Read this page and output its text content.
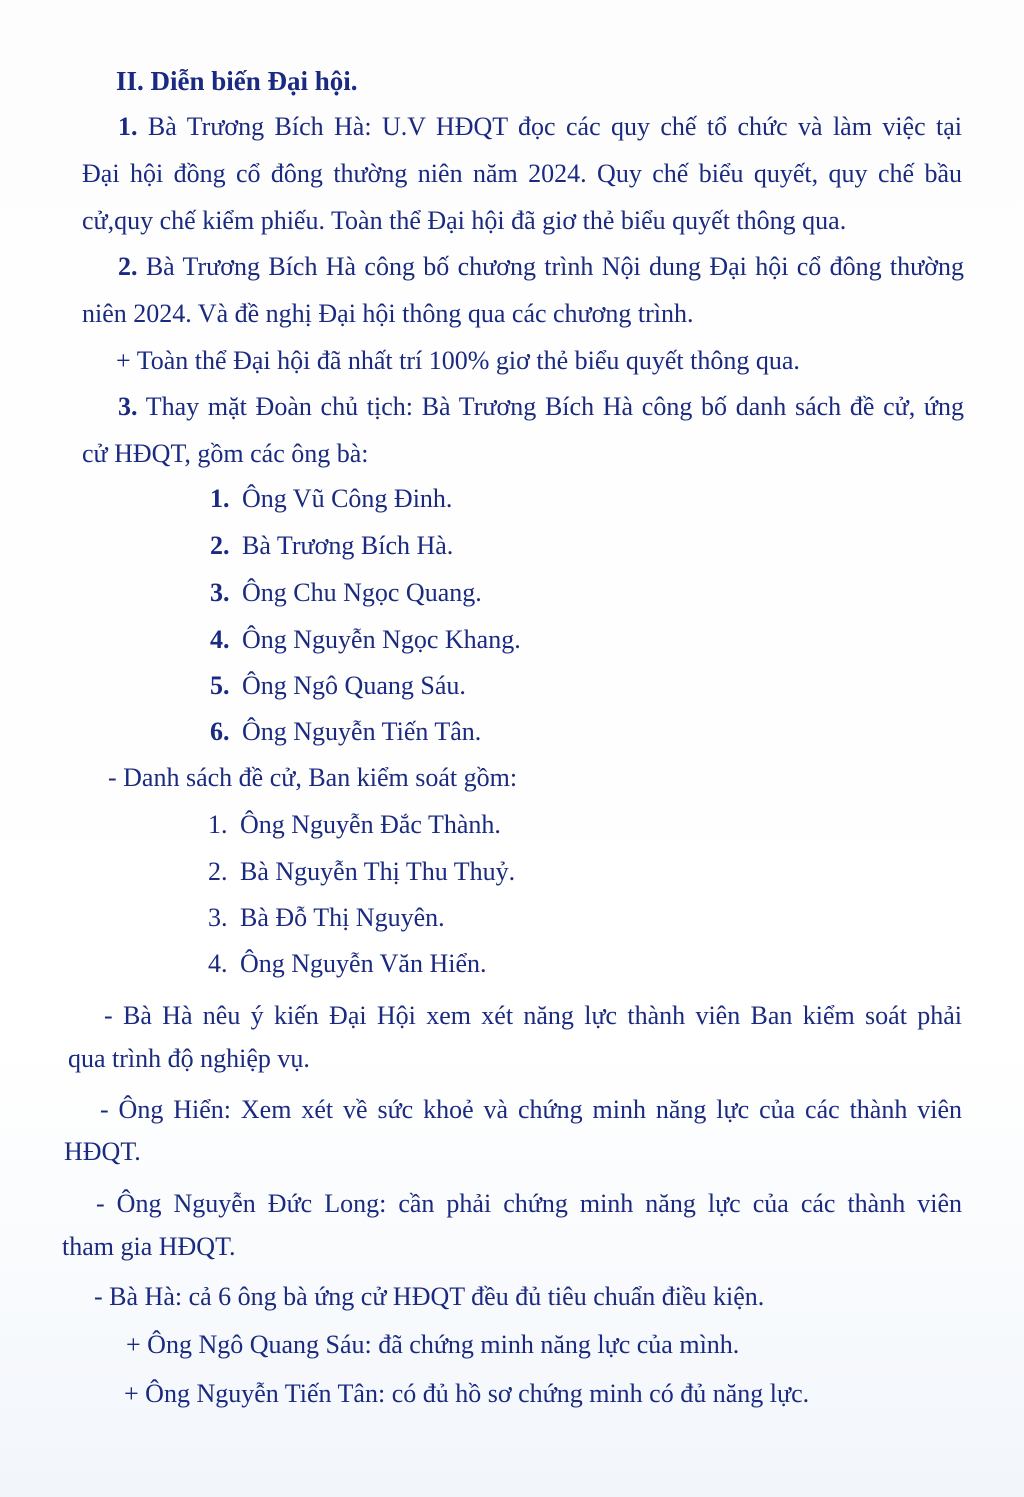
II. Diễn biến Đại hội.
1. Bà Trương Bích Hà: U.V HĐQT đọc các quy chế tổ chức và làm việc tại
Đại hội đồng cổ đông thường niên năm 2024. Quy chế biểu quyết, quy chế bầu
cử,quy chế kiểm phiếu. Toàn thể Đại hội đã giơ thẻ biểu quyết thông qua.
2. Bà Trương Bích Hà công bố chương trình Nội dung Đại hội cổ đông thường
niên 2024. Và đề nghị Đại hội thông qua các chương trình.
+ Toàn thể Đại hội đã nhất trí 100% giơ thẻ biểu quyết thông qua.
3. Thay mặt Đoàn chủ tịch: Bà Trương Bích Hà công bố danh sách đề cử, ứng
cử HĐQT, gồm các ông bà:
1. Ông Vũ Công Đinh.
2. Bà Trương Bích Hà.
3. Ông Chu Ngọc Quang.
4. Ông Nguyễn Ngọc Khang.
5. Ông Ngô Quang Sáu.
6. Ông Nguyễn Tiến Tân.
- Danh sách đề cử, Ban kiểm soát gồm:
1. Ông Nguyễn Đắc Thành.
2. Bà Nguyễn Thị Thu Thuỷ.
3. Bà Đỗ Thị Nguyên.
4. Ông Nguyễn Văn Hiển.
- Bà Hà nêu ý kiến Đại Hội xem xét năng lực thành viên Ban kiểm soát phải
qua trình độ nghiệp vụ.
- Ông Hiển: Xem xét về sức khoẻ và chứng minh năng lực của các thành viên
HĐQT.
- Ông Nguyễn Đức Long: cần phải chứng minh năng lực của các thành viên
tham gia HĐQT.
- Bà Hà: cả 6 ông bà ứng cử HĐQT đều đủ tiêu chuẩn điều kiện.
+ Ông Ngô Quang Sáu: đã chứng minh năng lực của mình.
+ Ông Nguyễn Tiến Tân: có đủ hồ sơ chứng minh có đủ năng lực.
